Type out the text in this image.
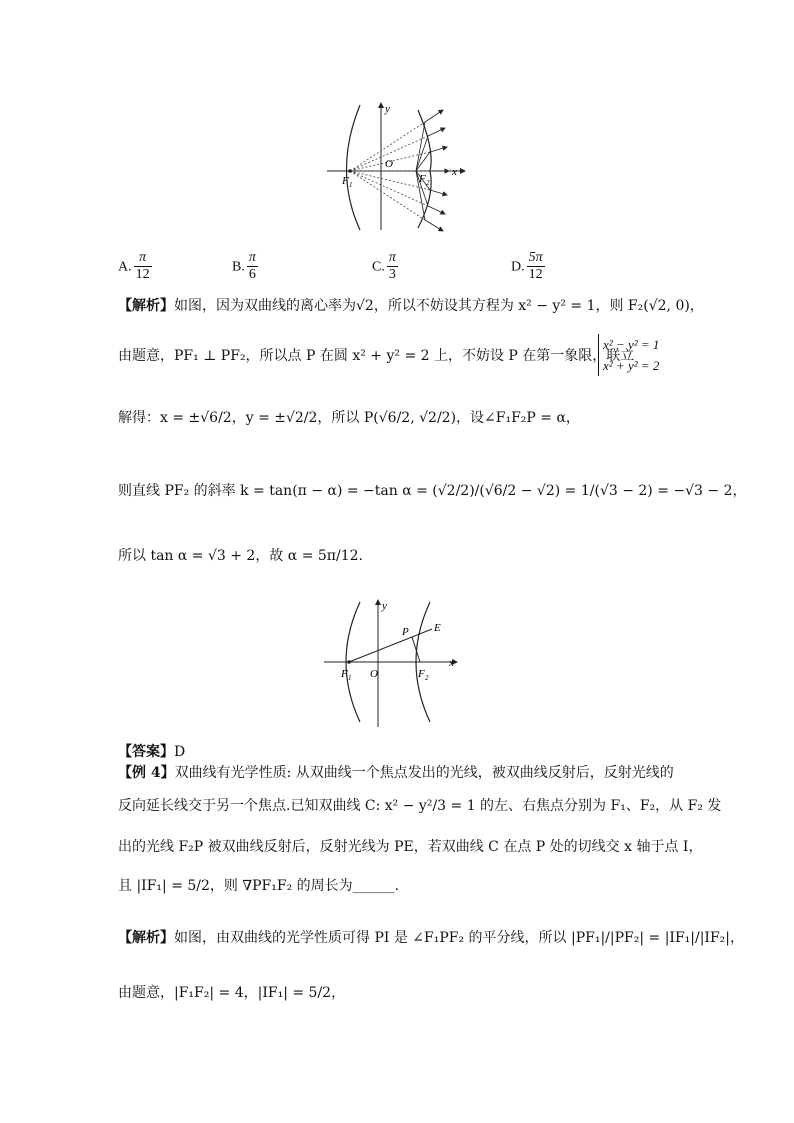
y
x
O
F 1	F 2
A. $\frac{\pi}{12}$	B. $\frac{\pi}{6}$	C. $\frac{\pi}{3}$	D. $\frac{5\pi}{12}$
【解析】如图，因为双曲线的离心率为√2，所以不妨设其方程为 x² − y² = 1，则 F₂(√2, 0)，
由题意，PF₁ ⊥ PF₂，所以点 P 在圆 x² + y² = 2 上，不妨设 P 在第一象限，联立
x² − y² = 1
x² + y² = 2
解得：x = ±√6/2，y = ±√2/2，所以 P(√6/2, √2/2)，设∠F₁F₂P = α，
则直线 PF₂ 的斜率 k = tan(π − α) = −tan α = (√2/2)/(√6/2 − √2) = 1/(√3 − 2) = −√3 − 2，
所以 tan α = √3 + 2，故 α = 5π/12.
y
x
O
P E
F 1	F 2
【答案】D
【例 4】双曲线有光学性质: 从双曲线一个焦点发出的光线，被双曲线反射后，反射光线的
反向延长线交于另一个焦点.已知双曲线 C: x² − y²/3 = 1 的左、右焦点分别为 F₁、F₂，从 F₂ 发
出的光线 F₂P 被双曲线反射后，反射光线为 PE，若双曲线 C 在点 P 处的切线交 x 轴于点 I，
且 |IF₁| = 5/2，则 ∇PF₁F₂ 的周长为______.
【解析】如图，由双曲线的光学性质可得 PI 是 ∠F₁PF₂ 的平分线，所以 |PF₁|/|PF₂| = |IF₁|/|IF₂|，
由题意，|F₁F₂| = 4，|IF₁| = 5/2，
